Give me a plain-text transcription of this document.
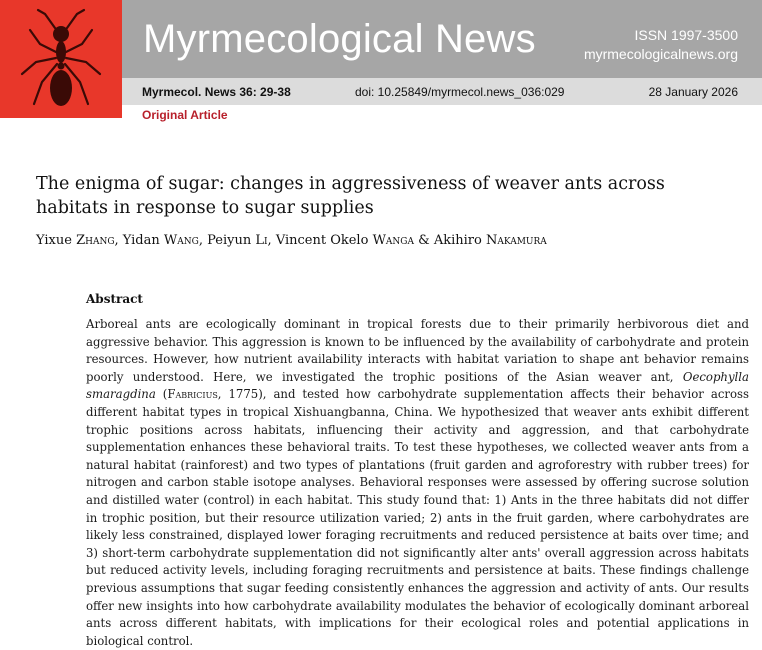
Myrmecological News	ISSN 1997-3500
myrmecologicalnews.org
Myrmecol. News 36: 29-38	doi: 10.25849/myrmecol.news_036:029	28 January 2026
Original Article
The enigma of sugar: changes in aggressiveness of weaver ants across habitats in response to sugar supplies
Yixue Zhang, Yidan Wang, Peiyun Li, Vincent Okelo Wanga & Akihiro Nakamura
Abstract

Arboreal ants are ecologically dominant in tropical forests due to their primarily herbivorous diet and aggressive behavior. This aggression is known to be influenced by the availability of carbohydrate and protein resources. However, how nutrient availability interacts with habitat variation to shape ant behavior remains poorly understood. Here, we investigated the trophic positions of the Asian weaver ant, Oecophylla smaragdina (Fabricius, 1775), and tested how carbohydrate supplementation affects their behavior across different habitat types in tropical Xishuangbanna, China. We hypothesized that weaver ants exhibit different trophic positions across habitats, influencing their activity and aggression, and that carbohydrate supplementation enhances these behavioral traits. To test these hypotheses, we collected weaver ants from a natural habitat (rainforest) and two types of plantations (fruit garden and agroforestry with rubber trees) for nitrogen and carbon stable isotope analyses. Behavioral responses were assessed by offering sucrose solution and distilled water (control) in each habitat. This study found that: 1) Ants in the three habitats did not differ in trophic position, but their resource utilization varied; 2) ants in the fruit garden, where carbohydrates are likely less constrained, displayed lower foraging recruitments and reduced persistence at baits over time; and 3) short-term carbohydrate supplementation did not significantly alter ants' overall aggression across habitats but reduced activity levels, including foraging recruitments and persistence at baits. These findings challenge previous assumptions that sugar feeding consistently enhances the aggression and activity of ants. Our results offer new insights into how carbohydrate availability modulates the behavior of ecologically dominant arboreal ants across different habitats, with implications for their ecological roles and potential applications in biological control.
